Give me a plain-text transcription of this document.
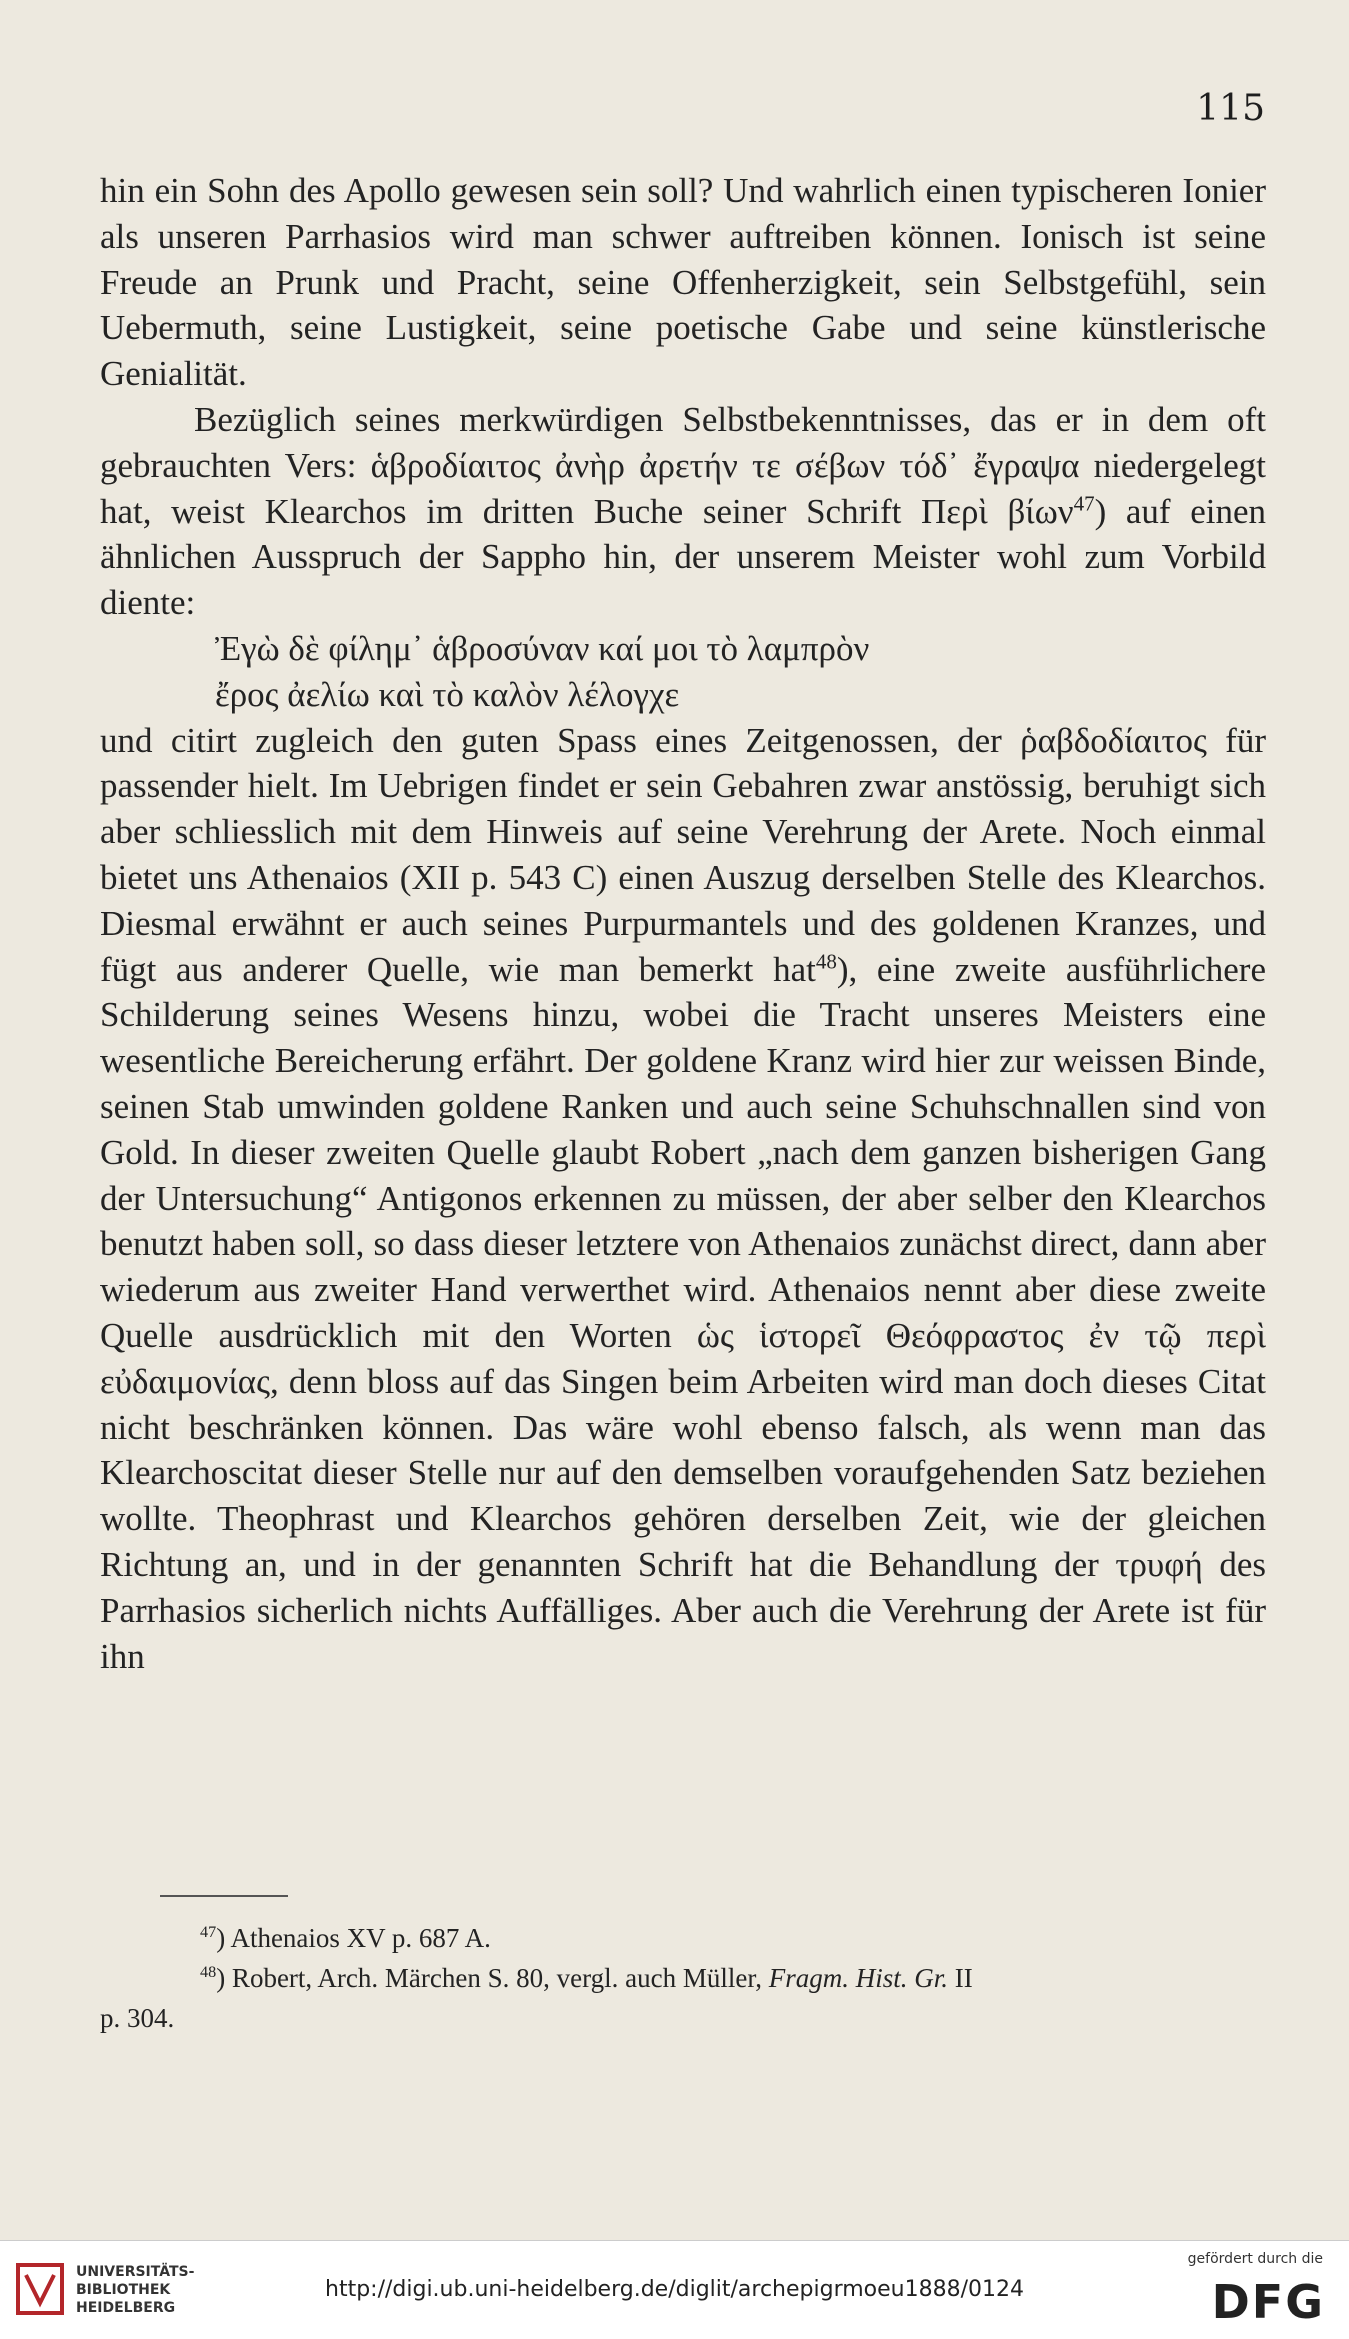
115

hin ein Sohn des Apollo gewesen sein soll? Und wahrlich einen typischeren Ionier als unseren Parrhasios wird man schwer auftreiben können. Ionisch ist seine Freude an Prunk und Pracht, seine Offenherzigkeit, sein Selbstgefühl, sein Uebermuth, seine Lustigkeit, seine poetische Gabe und seine künstlerische Genialität.

Bezüglich seines merkwürdigen Selbstbekenntnisses, das er in dem oft gebrauchten Vers: ἁβροδίαιτος ἀνὴρ ἀρετήν τε σέβων τόδ᾽ ἔγραψα niedergelegt hat, weist Klearchos im dritten Buche seiner Schrift Περὶ βίων$^{47}$) auf einen ähnlichen Ausspruch der Sappho hin, der unserem Meister wohl zum Vorbild diente:

Ἐγὼ δὲ φίλημ᾽ ἁβροσύναν καί μοι τὸ λαμπρὸν
ἔρος ἀελίω καὶ τὸ καλὸν λέλογχε

und citirt zugleich den guten Spass eines Zeitgenossen, der ῥαβδοδίαιτος für passender hielt. Im Uebrigen findet er sein Gebahren zwar anstössig, beruhigt sich aber schliesslich mit dem Hinweis auf seine Verehrung der Arete. Noch einmal bietet uns Athenaios (XII p. 543 C) einen Auszug derselben Stelle des Klearchos. Diesmal erwähnt er auch seines Purpurmantels und des goldenen Kranzes, und fügt aus anderer Quelle, wie man bemerkt hat$^{48}$), eine zweite ausführlichere Schilderung seines Wesens hinzu, wobei die Tracht unseres Meisters eine wesentliche Bereicherung erfährt. Der goldene Kranz wird hier zur weissen Binde, seinen Stab umwinden goldene Ranken und auch seine Schuhschnallen sind von Gold. In dieser zweiten Quelle glaubt Robert „nach dem ganzen bisherigen Gang der Untersuchung“ Antigonos erkennen zu müssen, der aber selber den Klearchos benutzt haben soll, so dass dieser letztere von Athenaios zunächst direct, dann aber wiederum aus zweiter Hand verwerthet wird. Athenaios nennt aber diese zweite Quelle ausdrücklich mit den Worten ὡς ἱστορεῖ Θεόφραστος ἐν τῷ περὶ εὐδαιμονίας, denn bloss auf das Singen beim Arbeiten wird man doch dieses Citat nicht beschränken können. Das wäre wohl ebenso falsch, als wenn man das Klearchoscitat dieser Stelle nur auf den demselben voraufgehenden Satz beziehen wollte. Theophrast und Klearchos gehören derselben Zeit, wie der gleichen Richtung an, und in der genannten Schrift hat die Behandlung der τρυφή des Parrhasios sicherlich nichts Auffälliges. Aber auch die Verehrung der Arete ist für ihn

$^{47}$) Athenaios XV p. 687 A.

$^{48}$) Robert, Arch. Märchen S. 80, vergl. auch Müller, Fragm. Hist. Gr. II

p. 304.

UNIVERSITÄTS-
BIBLIOTHEK
HEIDELBERG
http://digi.ub.uni-heidelberg.de/diglit/archepigrmoeu1888/0124
gefördert durch die
DFG
